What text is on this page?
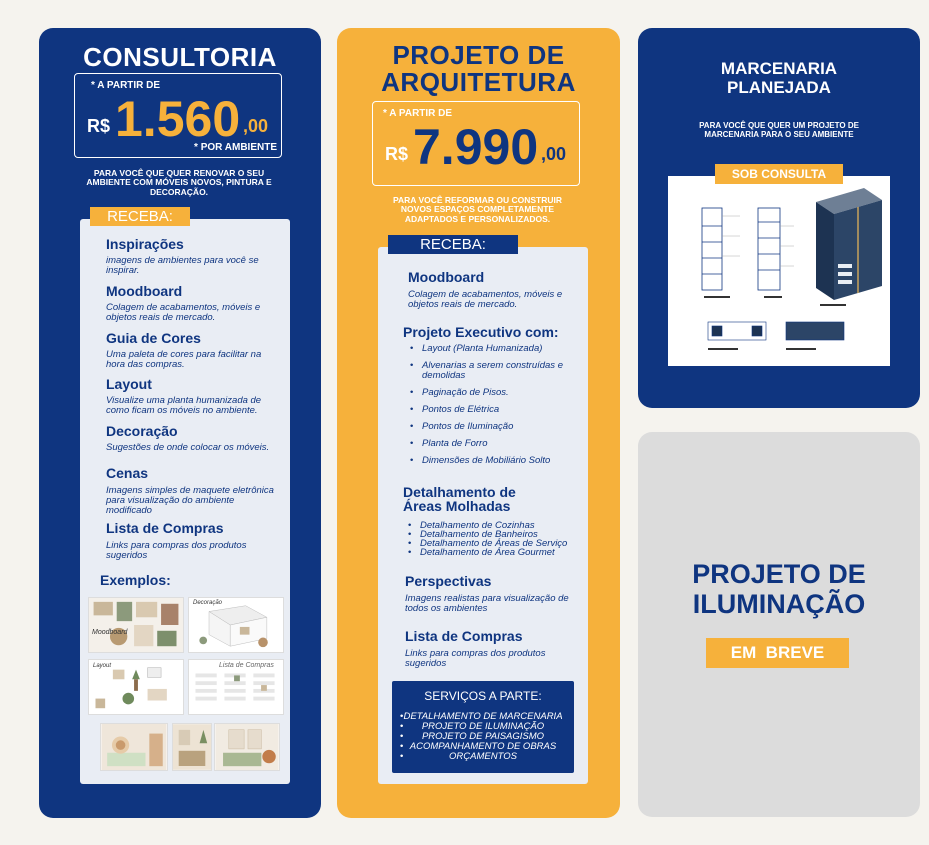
CONSULTORIA
* A PARTIR DE
R$ 1.560 ,00
* POR AMBIENTE
PARA VOCÊ QUE QUER RENOVAR O SEU AMBIENTE COM MÓVEIS NOVOS, PINTURA E DECORAÇÃO.
RECEBA:
Inspirações
imagens de ambientes para você se inspirar.
Moodboard
Colagem de acabamentos, móveis e objetos reais de mercado.
Guia de Cores
Uma paleta de cores para facilitar na hora das compras.
Layout
Visualize uma planta humanizada de como ficam os móveis no ambiente.
Decoração
Sugestões de onde colocar os móveis.
Cenas
Imagens simples de maquete eletrônica para visualização do ambiente modificado
Lista de Compras
Links para compras dos produtos sugeridos
Exemplos:
Moodboard
Decoração
Layout	Lista de Compras
PROJETO DE
ARQUITETURA
* A PARTIR DE
R$ 7.990 ,00
PARA VOCÊ REFORMAR OU CONSTRUIR NOVOS ESPAÇOS COMPLETAMENTE ADAPTADOS E PERSONALIZADOS.
RECEBA:
Moodboard
Colagem de acabamentos, móveis e objetos reais de mercado.
Projeto Executivo com:
• Layout (Planta Humanizada)
• Alvenarias a serem construídas e demolidas
• Paginação de Pisos.
• Pontos de Elétrica
• Pontos de Iluminação
• Planta de Forro
• Dimensões de Mobiliário Solto
Detalhamento de
Áreas Molhadas
• Detalhamento de Cozinhas
• Detalhamento de Banheiros
• Detalhamento de Áreas de Serviço
• Detalhamento de Área Gourmet
Perspectivas
Imagens realistas para visualização de todos os ambientes
Lista de Compras
Links para compras dos produtos sugeridos
SERVIÇOS A PARTE:
• DETALHAMENTO DE MARCENARIA
• PROJETO DE ILUMINAÇÃO
• PROJETO DE PAISAGISMO
• ACOMPANHAMENTO DE OBRAS
• ORÇAMENTOS
MARCENARIA
PLANEJADA
PARA VOCÊ QUE QUER UM PROJETO DE MARCENARIA PARA O SEU AMBIENTE
SOB CONSULTA
PROJETO DE
ILUMINAÇÃO
EM  BREVE
